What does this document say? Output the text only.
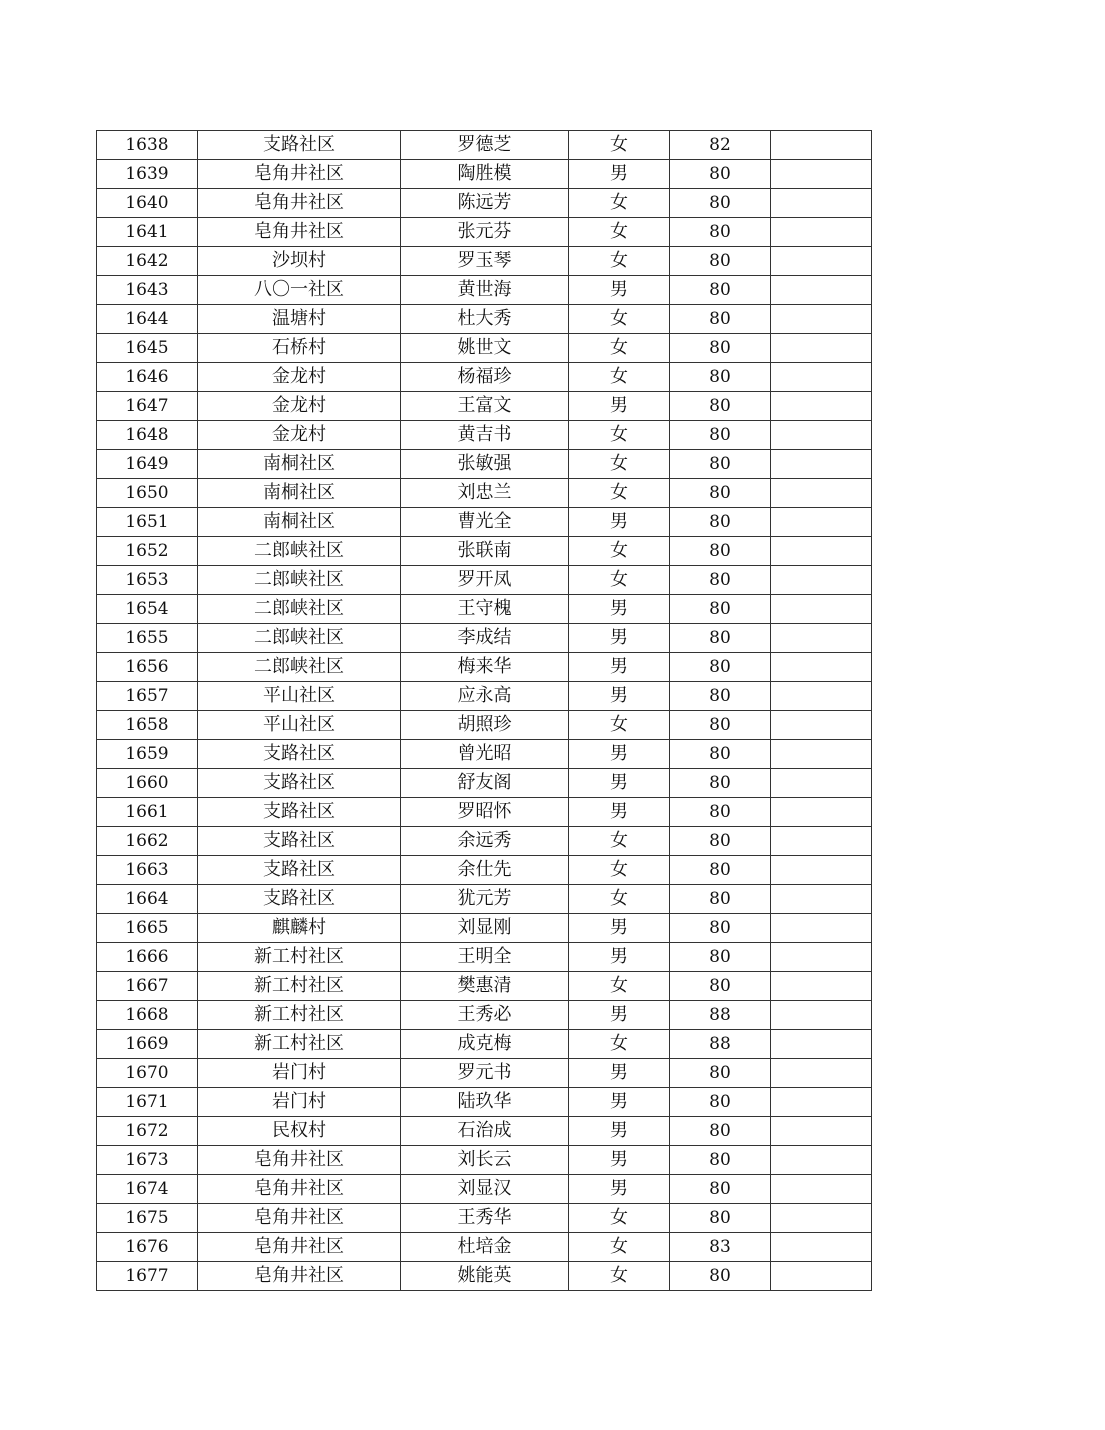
1638	支路社区	罗德芝	女	82	
1639	皂角井社区	陶胜模	男	80	
1640	皂角井社区	陈远芳	女	80	
1641	皂角井社区	张元芬	女	80	
1642	沙坝村	罗玉琴	女	80	
1643	八〇一社区	黄世海	男	80	
1644	温塘村	杜大秀	女	80	
1645	石桥村	姚世文	女	80	
1646	金龙村	杨福珍	女	80	
1647	金龙村	王富文	男	80	
1648	金龙村	黄吉书	女	80	
1649	南桐社区	张敏强	女	80	
1650	南桐社区	刘忠兰	女	80	
1651	南桐社区	曹光全	男	80	
1652	二郎峡社区	张联南	女	80	
1653	二郎峡社区	罗开凤	女	80	
1654	二郎峡社区	王守槐	男	80	
1655	二郎峡社区	李成结	男	80	
1656	二郎峡社区	梅来华	男	80	
1657	平山社区	应永高	男	80	
1658	平山社区	胡照珍	女	80	
1659	支路社区	曾光昭	男	80	
1660	支路社区	舒友阁	男	80	
1661	支路社区	罗昭怀	男	80	
1662	支路社区	余远秀	女	80	
1663	支路社区	余仕先	女	80	
1664	支路社区	犹元芳	女	80	
1665	麒麟村	刘显刚	男	80	
1666	新工村社区	王明全	男	80	
1667	新工村社区	樊惠清	女	80	
1668	新工村社区	王秀必	男	88	
1669	新工村社区	成克梅	女	88	
1670	岩门村	罗元书	男	80	
1671	岩门村	陆玖华	男	80	
1672	民权村	石治成	男	80	
1673	皂角井社区	刘长云	男	80	
1674	皂角井社区	刘显汉	男	80	
1675	皂角井社区	王秀华	女	80	
1676	皂角井社区	杜培金	女	83	
1677	皂角井社区	姚能英	女	80	
